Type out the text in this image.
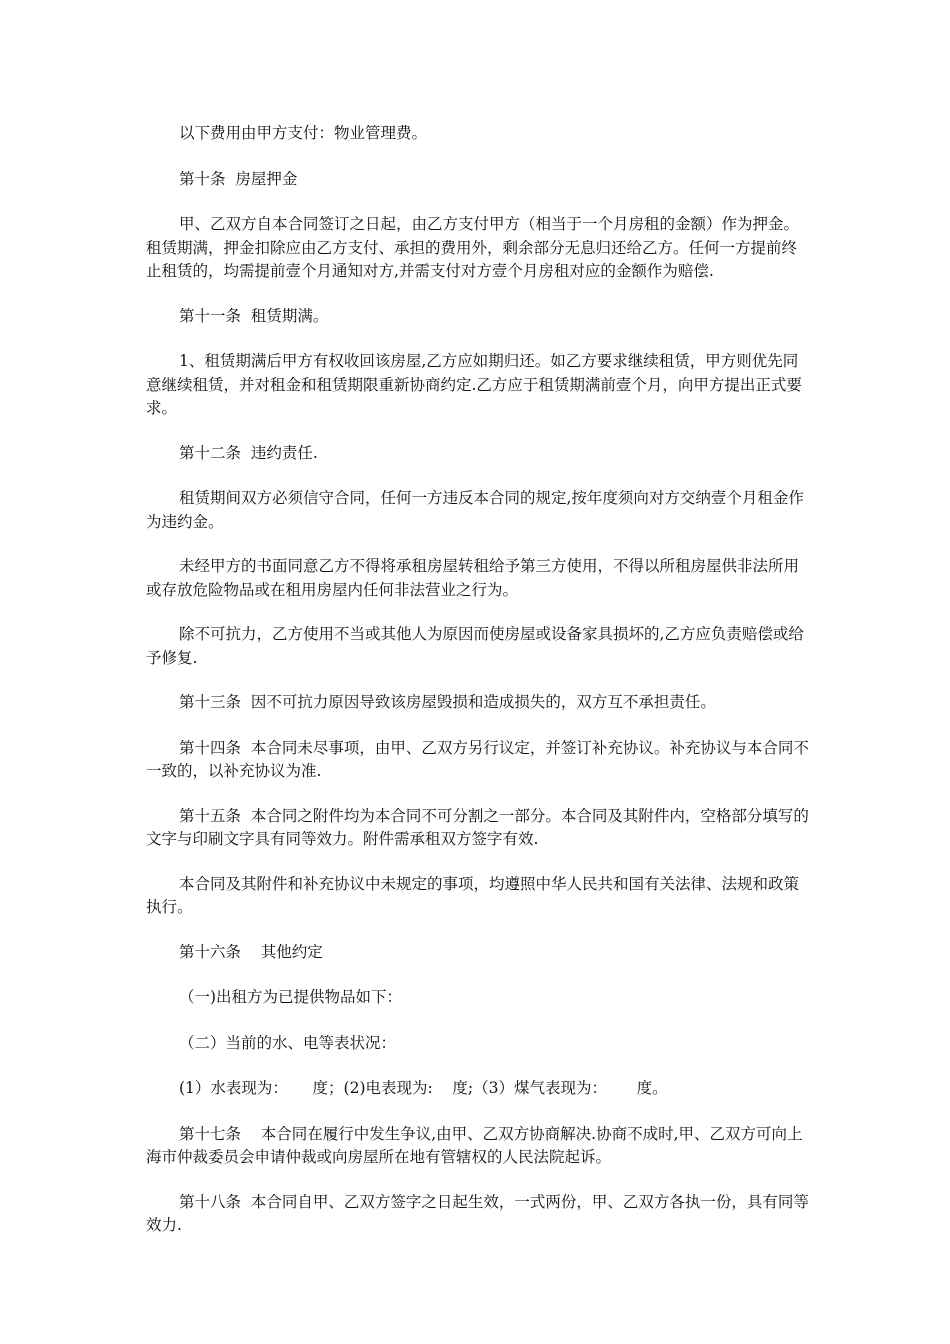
以下费用由甲方支付：物业管理费。

第十条  房屋押金

甲、乙双方自本合同签订之日起，由乙方支付甲方（相当于一个月房租的金额）作为押金。租赁期满，押金扣除应由乙方支付、承担的费用外，剩余部分无息归还给乙方。任何一方提前终止租赁的，均需提前壹个月通知对方,并需支付对方壹个月房租对应的金额作为赔偿.

第十一条  租赁期满。

1、租赁期满后甲方有权收回该房屋,乙方应如期归还。如乙方要求继续租赁，甲方则优先同意继续租赁，并对租金和租赁期限重新协商约定.乙方应于租赁期满前壹个月，向甲方提出正式要求。

第十二条  违约责任.

租赁期间双方必须信守合同，任何一方违反本合同的规定,按年度须向对方交纳壹个月租金作为违约金。

未经甲方的书面同意乙方不得将承租房屋转租给予第三方使用，不得以所租房屋供非法所用或存放危险物品或在租用房屋内任何非法营业之行为。

除不可抗力，乙方使用不当或其他人为原因而使房屋或设备家具损坏的,乙方应负责赔偿或给予修复.

第十三条  因不可抗力原因导致该房屋毁损和造成损失的，双方互不承担责任。

第十四条  本合同未尽事项，由甲、乙双方另行议定，并签订补充协议。补充协议与本合同不一致的，以补充协议为准.

第十五条  本合同之附件均为本合同不可分割之一部分。本合同及其附件内，空格部分填写的文字与印刷文字具有同等效力。附件需承租双方签字有效.

本合同及其附件和补充协议中未规定的事项，均遵照中华人民共和国有关法律、法规和政策执行。

第十六条    其他约定

（一)出租方为已提供物品如下：

（二）当前的水、电等表状况：

(1）水表现为：     度；(2)电表现为:    度;（3）煤气表现为：      度。

第十七条    本合同在履行中发生争议,由甲、乙双方协商解决.协商不成时,甲、乙双方可向上海市仲裁委员会申请仲裁或向房屋所在地有管辖权的人民法院起诉。

第十八条  本合同自甲、乙双方签字之日起生效，一式两份，甲、乙双方各执一份，具有同等效力.
